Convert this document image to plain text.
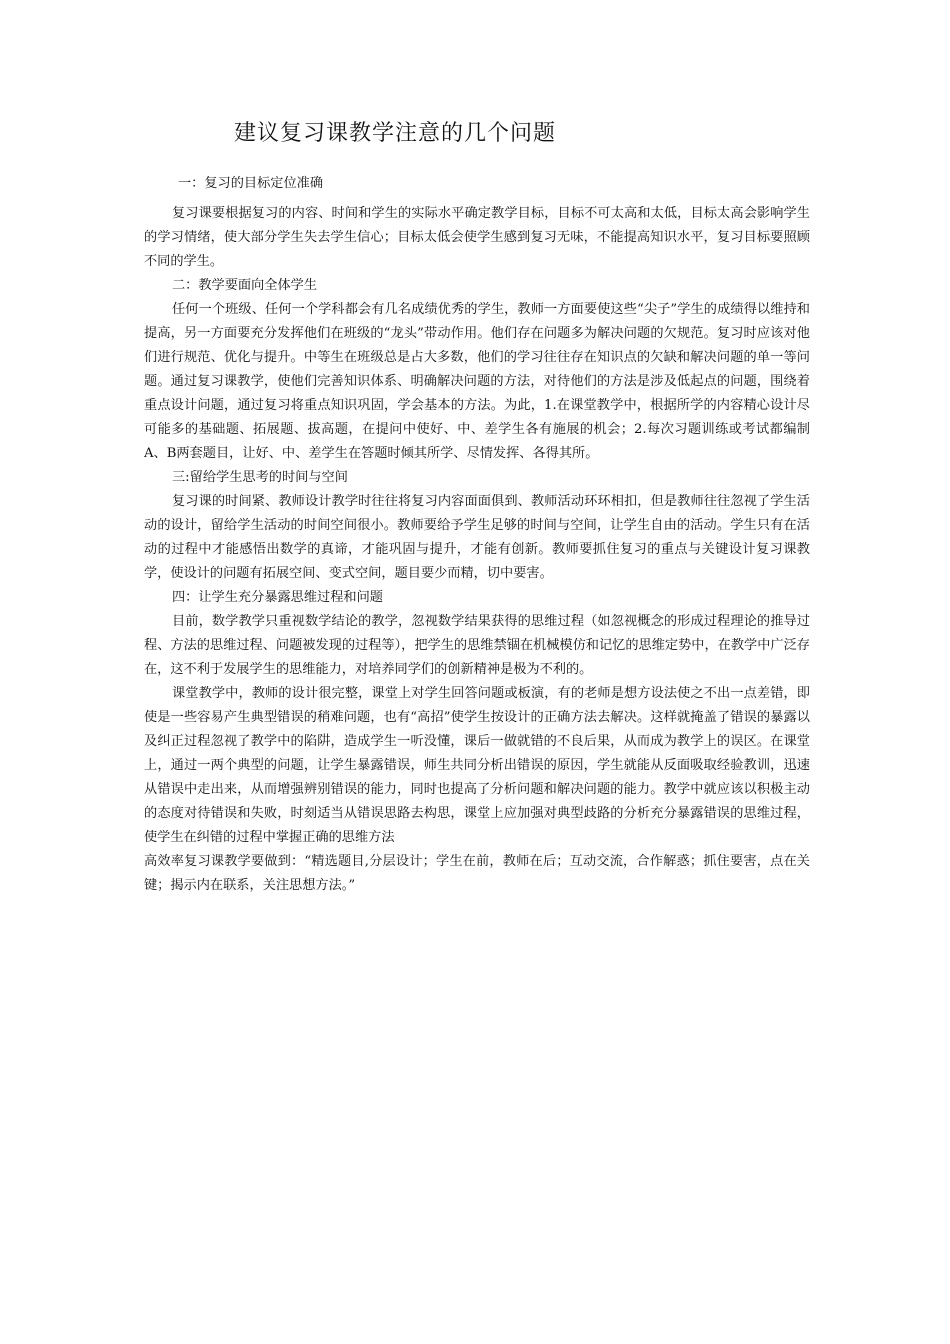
建议复习课教学注意的几个问题

一：复习的目标定位准确

复习课要根据复习的内容、时间和学生的实际水平确定教学目标，目标不可太高和太低，目标太高会影响学生的学习情绪，使大部分学生失去学生信心；目标太低会使学生感到复习无味，不能提高知识水平，复习目标要照顾不同的学生。

二：教学要面向全体学生

任何一个班级、任何一个学科都会有几名成绩优秀的学生，教师一方面要使这些“尖子”学生的成绩得以维持和提高，另一方面要充分发挥他们在班级的“龙头”带动作用。他们存在问题多为解决问题的欠规范。复习时应该对他们进行规范、优化与提升。中等生在班级总是占大多数，他们的学习往往存在知识点的欠缺和解决问题的单一等问题。通过复习课教学，使他们完善知识体系、明确解决问题的方法，对待他们的方法是涉及低起点的问题，围绕着重点设计问题，通过复习将重点知识巩固，学会基本的方法。为此，1.在课堂教学中，根据所学的内容精心设计尽可能多的基础题、拓展题、拔高题，在提问中使好、中、差学生各有施展的机会；2.每次习题训练或考试都编制A、B两套题目，让好、中、差学生在答题时倾其所学、尽情发挥、各得其所。

三:留给学生思考的时间与空间

复习课的时间紧、教师设计教学时往往将复习内容面面俱到、教师活动环环相扣，但是教师往往忽视了学生活动的设计，留给学生活动的时间空间很小。教师要给予学生足够的时间与空间，让学生自由的活动。学生只有在活动的过程中才能感悟出数学的真谛，才能巩固与提升，才能有创新。教师要抓住复习的重点与关键设计复习课教学，使设计的问题有拓展空间、变式空间，题目要少而精，切中要害。

四：让学生充分暴露思维过程和问题

目前，数学教学只重视数学结论的教学，忽视数学结果获得的思维过程（如忽视概念的形成过程理论的推导过程、方法的思维过程、问题被发现的过程等），把学生的思维禁锢在机械模仿和记忆的思维定势中，在教学中广泛存在，这不利于发展学生的思维能力，对培养同学们的创新精神是极为不利的。

课堂教学中，教师的设计很完整，课堂上对学生回答问题或板演，有的老师是想方设法使之不出一点差错，即使是一些容易产生典型错误的稍难问题，也有“高招”使学生按设计的正确方法去解决。这样就掩盖了错误的暴露以及纠正过程忽视了教学中的陷阱，造成学生一听没懂，课后一做就错的不良后果，从而成为教学上的误区。在课堂上，通过一两个典型的问题，让学生暴露错误，师生共同分析出错误的原因，学生就能从反面吸取经验教训，迅速从错误中走出来，从而增强辨别错误的能力，同时也提高了分析问题和解决问题的能力。教学中就应该以积极主动的态度对待错误和失败，时刻适当从错误思路去构思，课堂上应加强对典型歧路的分析充分暴露错误的思维过程，使学生在纠错的过程中掌握正确的思维方法

高效率复习课教学要做到：“精选题目,分层设计；学生在前，教师在后；互动交流，合作解惑；抓住要害，点在关键；揭示内在联系，关注思想方法。”
